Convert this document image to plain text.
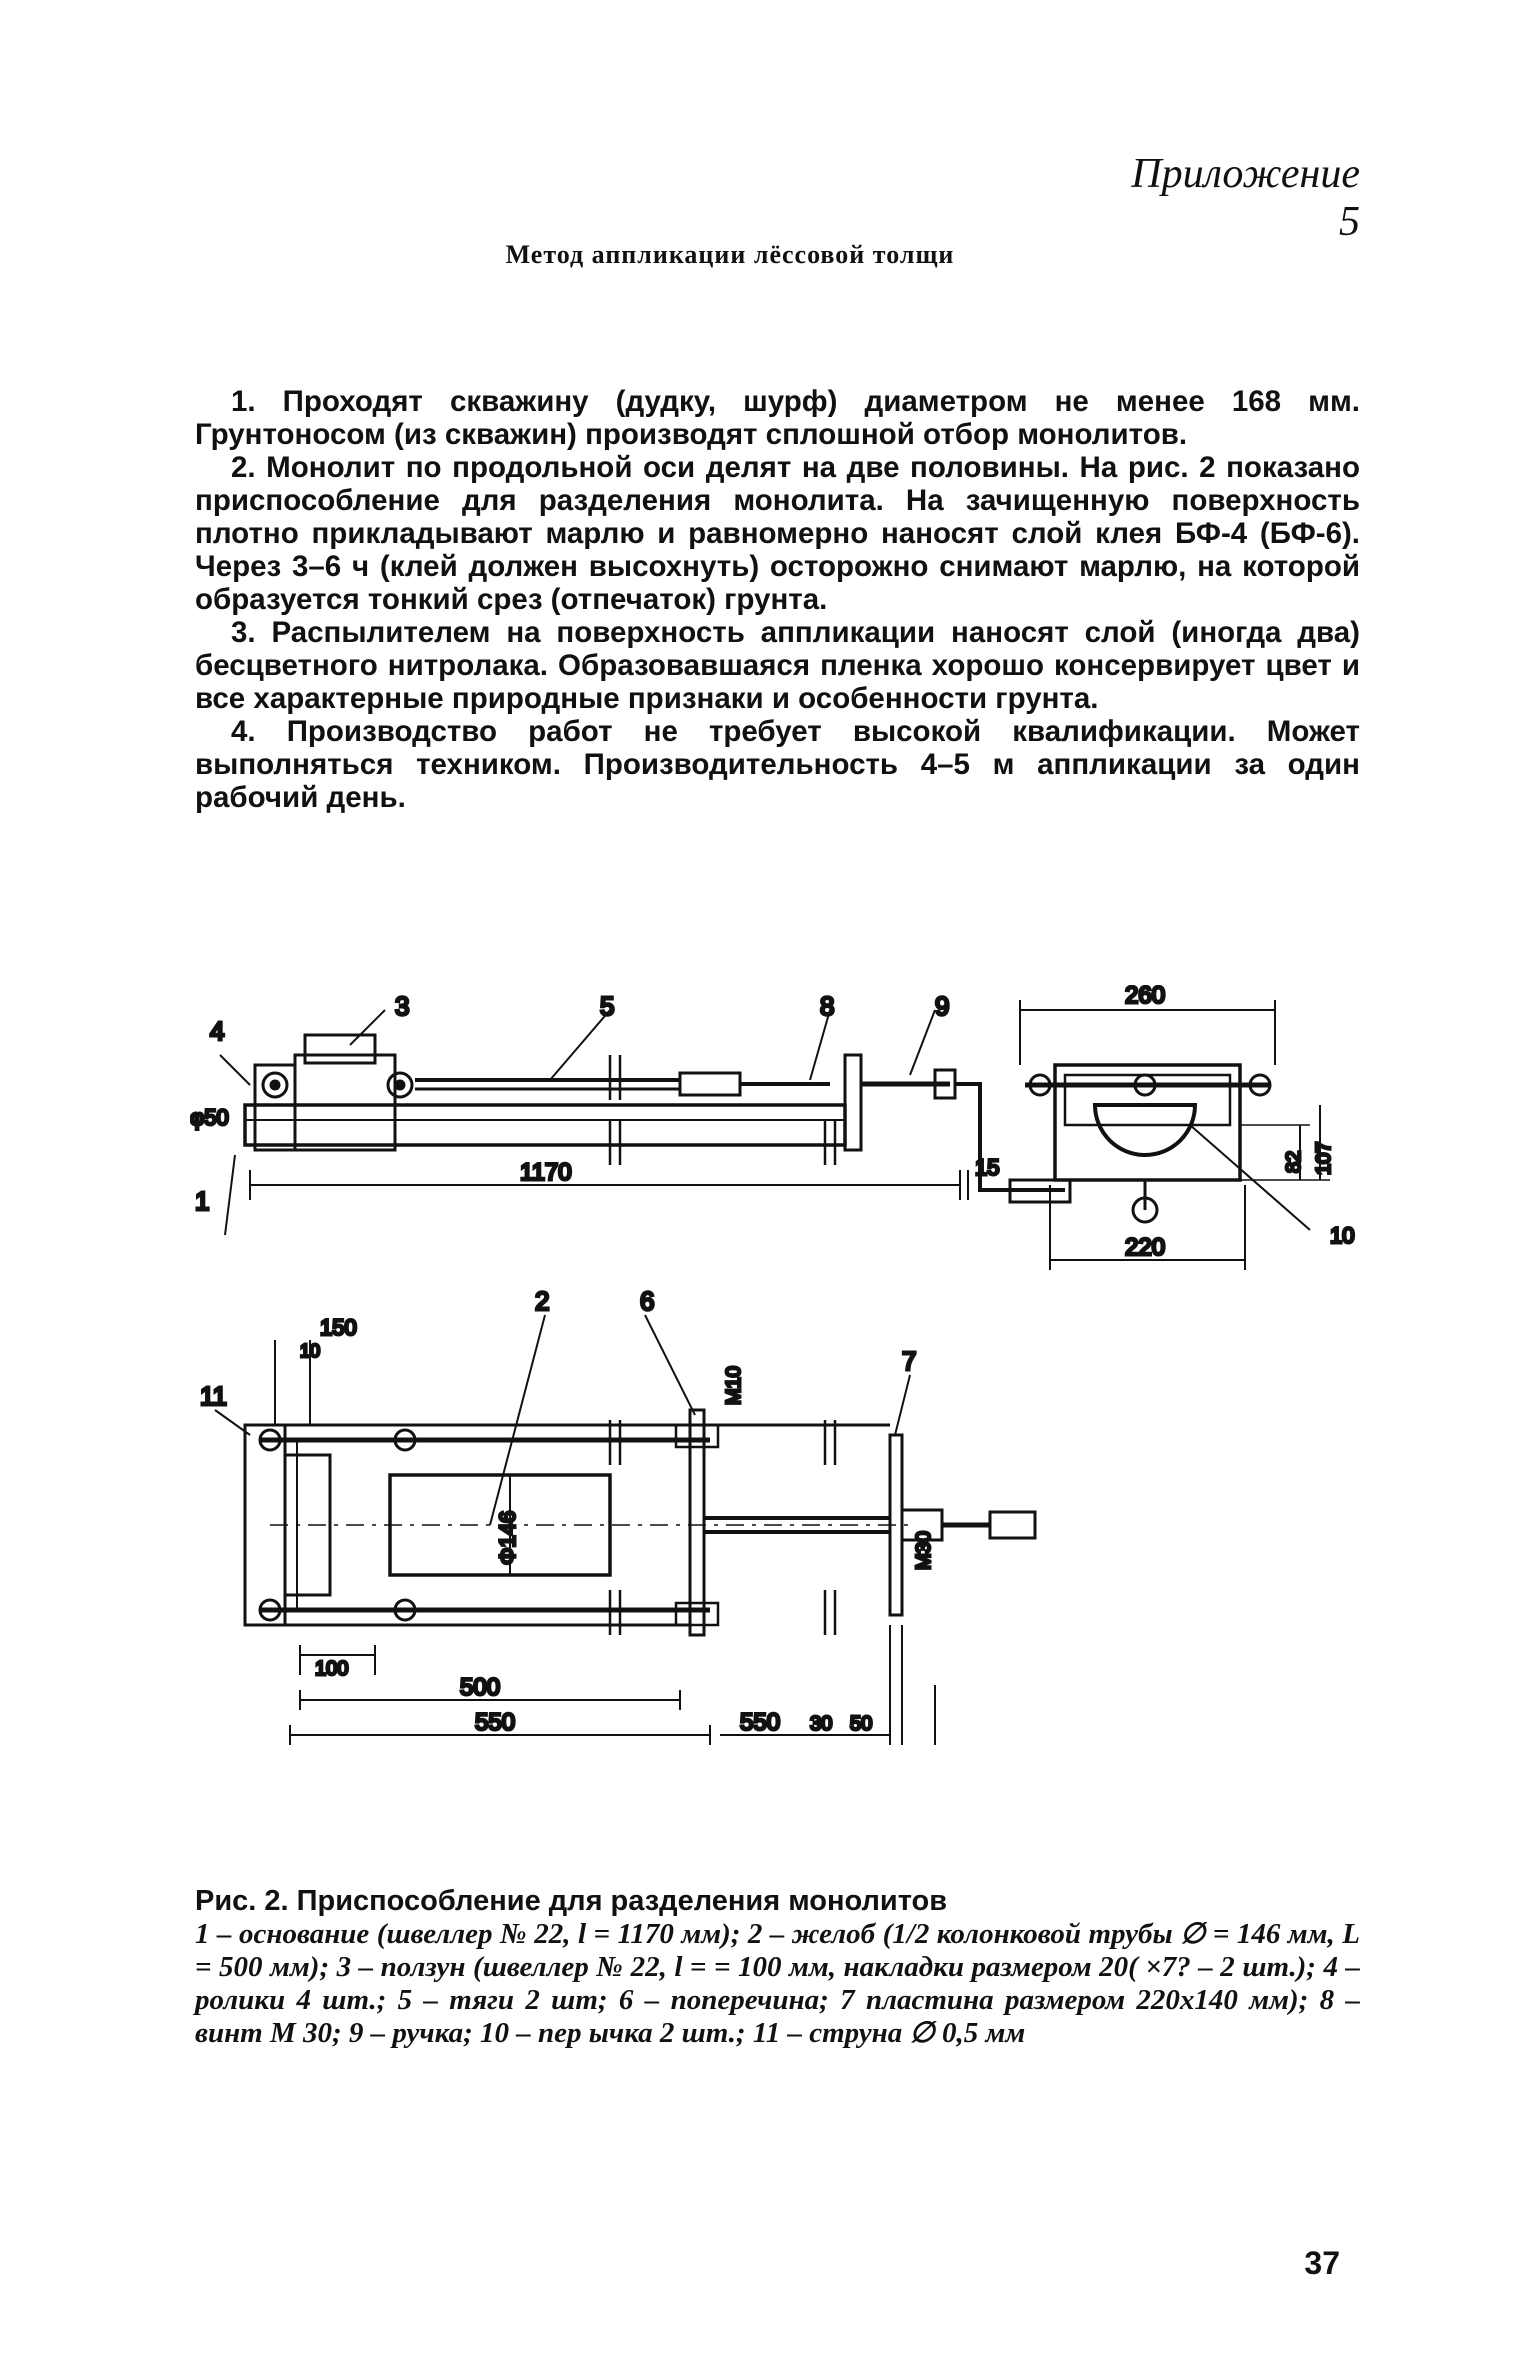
Приложение 5
Метод аппликации лёссовой толщи

1. Проходят скважину (дудку, шурф) диаметром не менее 168 мм. Грунтоносом (из скважин) производят сплошной отбор монолитов.

2. Монолит по продольной оси делят на две половины. На рис. 2 показано приспособление для разделения монолита. На зачищенную поверхность плотно прикладывают марлю и равномерно наносят слой клея БФ-4 (БФ-6). Через 3–6 ч (клей должен высохнуть) осторожно снимают марлю, на которой образуется тонкий срез (отпечаток) грунта.

3. Распылителем на поверхность аппликации наносят слой (иногда два) бесцветного нитролака. Образовавшаяся пленка хорошо консервирует цвет и все характерные природные признаки и особенности грунта.

4. Производство работ не требует высокой квалификации. Может выполняться техником. Производительность 4–5 м аппликации за один рабочий день.

4
3	5	8	9
1
φ50
1170	15
260
220
82 107
10
11
2	6
7
150
10
Φ146
M10
M30
100
500
550	550 30 50
Рис. 2. Приспособление для разделения монолитов
1 – основание (швеллер № 22, l = 1170 мм); 2 – желоб (1/2 колонковой трубы ∅ = 146 мм, L = 500 мм); 3 – ползун (швеллер № 22, l = = 100 мм, накладки размером 20( ×7? – 2 шт.); 4 – ролики 4 шт.; 5 – тяги 2 шт; 6 – поперечина; 7 пластина размером 220х140 мм); 8 – винт М 30; 9 – ручка; 10 – пер ычка 2 шт.; 11 – струна ∅ 0,5 мм
37
